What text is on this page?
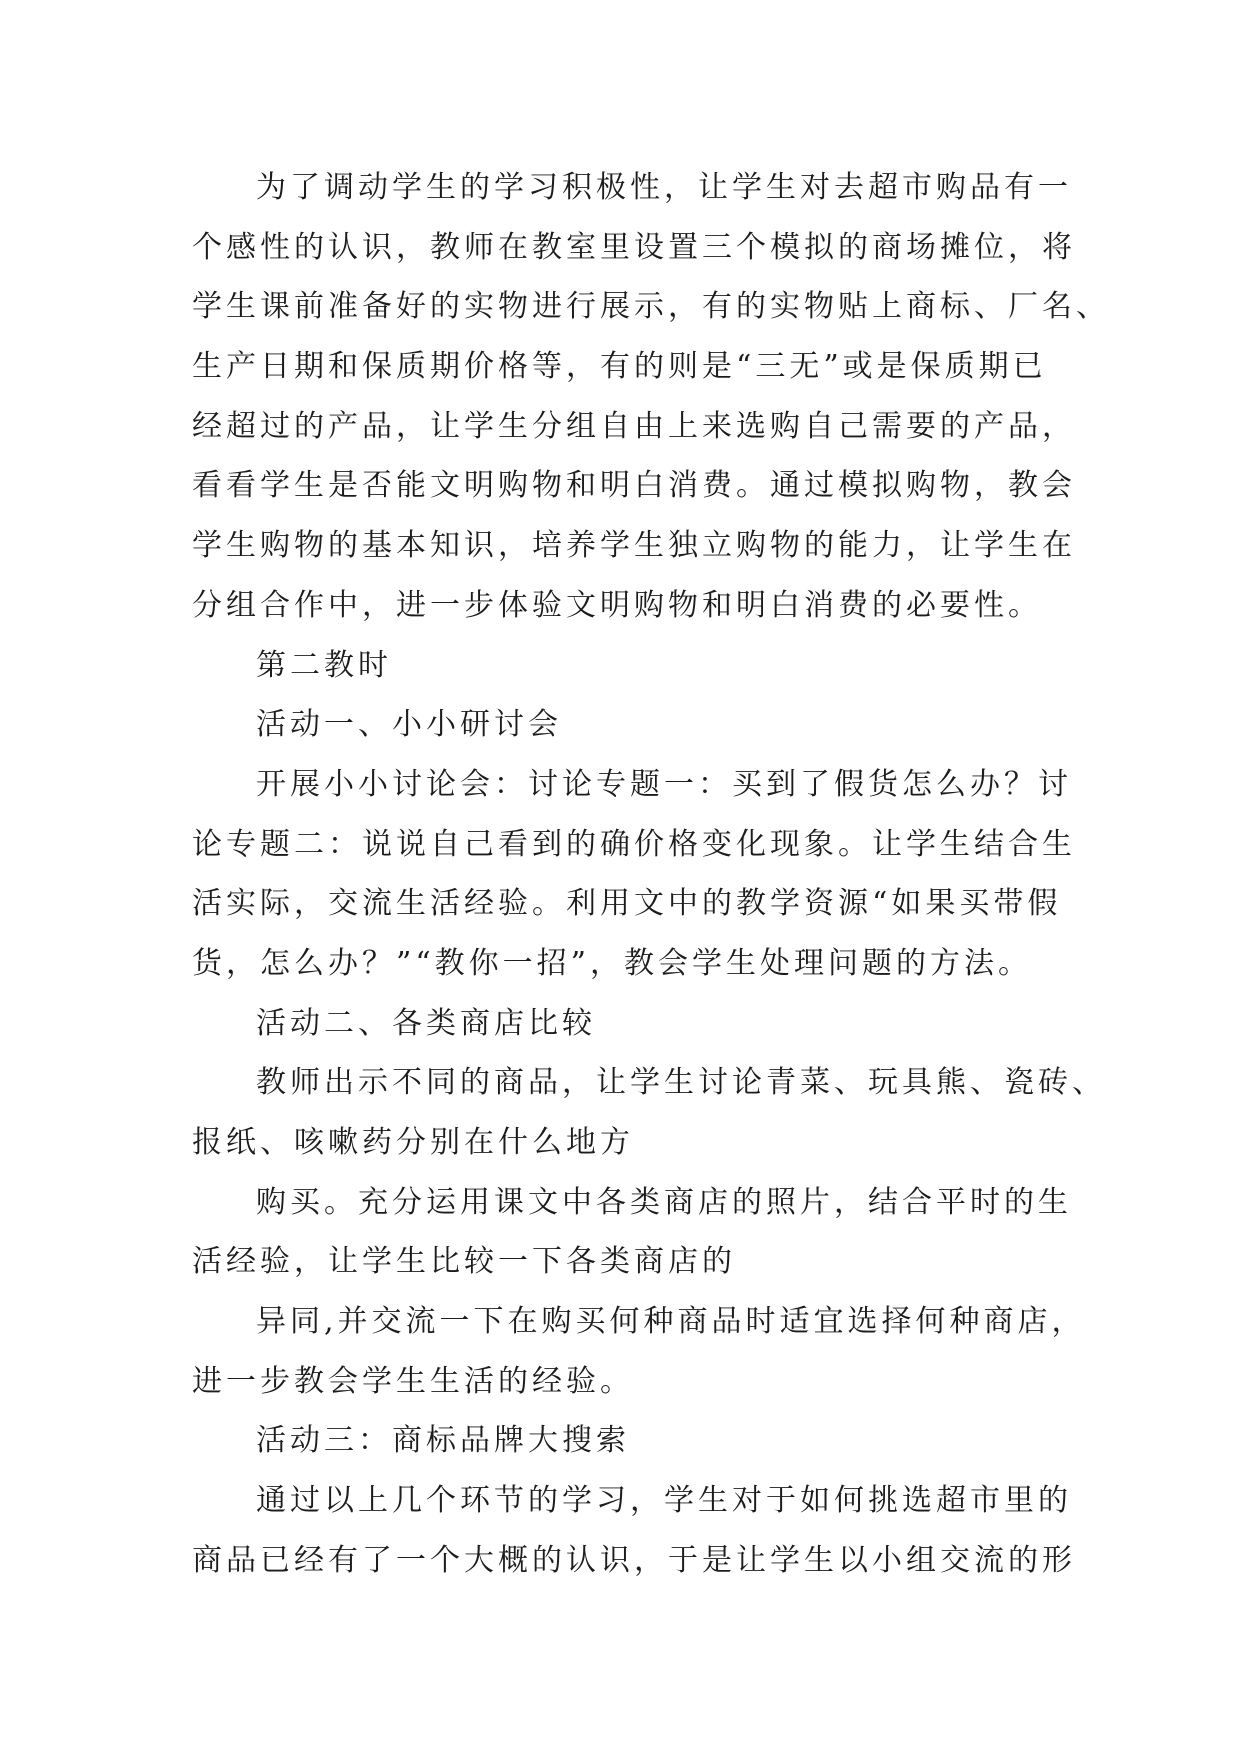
为了调动学生的学习积极性，让学生对去超市购品有一
个感性的认识，教师在教室里设置三个模拟的商场摊位，将
学生课前准备好的实物进行展示，有的实物贴上商标、厂名、
生产日期和保质期价格等，有的则是“三无”或是保质期已
经超过的产品，让学生分组自由上来选购自己需要的产品，
看看学生是否能文明购物和明白消费。通过模拟购物，教会
学生购物的基本知识，培养学生独立购物的能力，让学生在
分组合作中，进一步体验文明购物和明白消费的必要性。
第二教时
活动一、小小研讨会
开展小小讨论会：讨论专题一：买到了假货怎么办？讨
论专题二：说说自己看到的确价格变化现象。让学生结合生
活实际，交流生活经验。利用文中的教学资源“如果买带假
货，怎么办？”“教你一招”，教会学生处理问题的方法。
活动二、各类商店比较
教师出示不同的商品，让学生讨论青菜、玩具熊、瓷砖、
报纸、咳嗽药分别在什么地方
购买。充分运用课文中各类商店的照片，结合平时的生
活经验，让学生比较一下各类商店的
异同,并交流一下在购买何种商品时适宜选择何种商店，
进一步教会学生生活的经验。
活动三：商标品牌大搜索
通过以上几个环节的学习，学生对于如何挑选超市里的
商品已经有了一个大概的认识，于是让学生以小组交流的形
